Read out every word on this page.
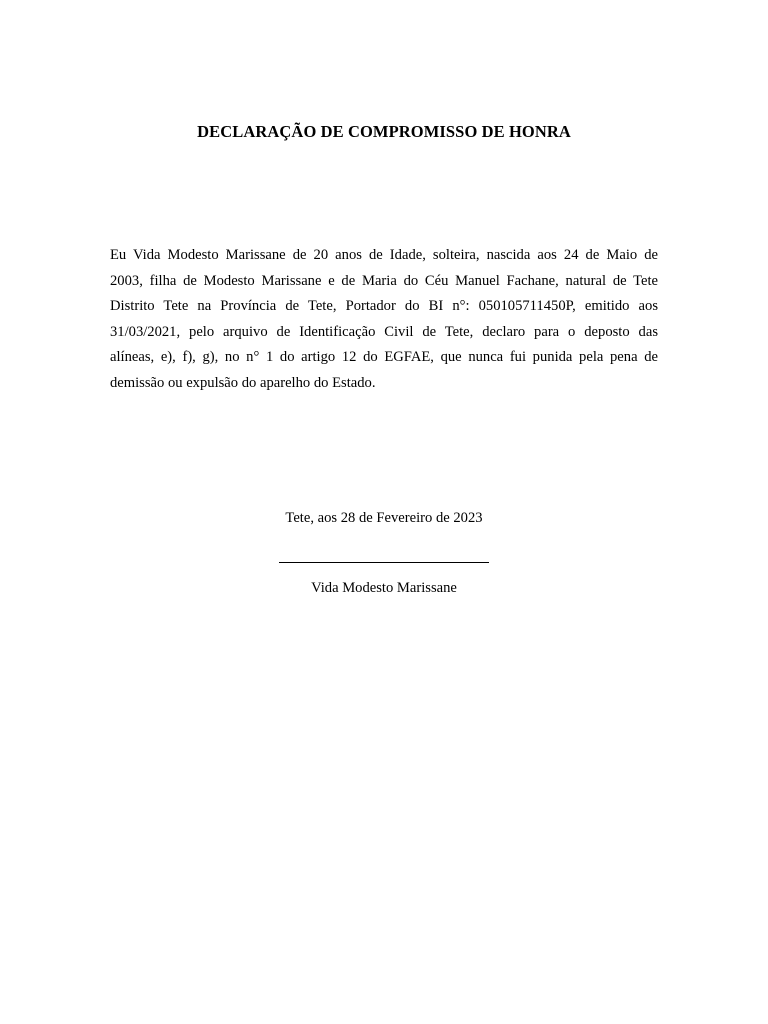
DECLARAÇÃO DE COMPROMISSO DE HONRA
Eu Vida Modesto Marissane de 20 anos de Idade, solteira, nascida aos 24 de Maio de
2003, filha de Modesto Marissane e de Maria do Céu Manuel Fachane, natural de Tete
Distrito Tete na Província de Tete, Portador do BI n°: 050105711450P, emitido aos
31/03/2021, pelo arquivo de Identificação Civil de Tete, declaro para o deposto das
alíneas, e), f), g), no n° 1 do artigo 12 do EGFAE, que nunca fui punida pela pena de
demissão ou expulsão do aparelho do Estado.
Tete, aos 28 de Fevereiro de 2023
Vida Modesto Marissane
